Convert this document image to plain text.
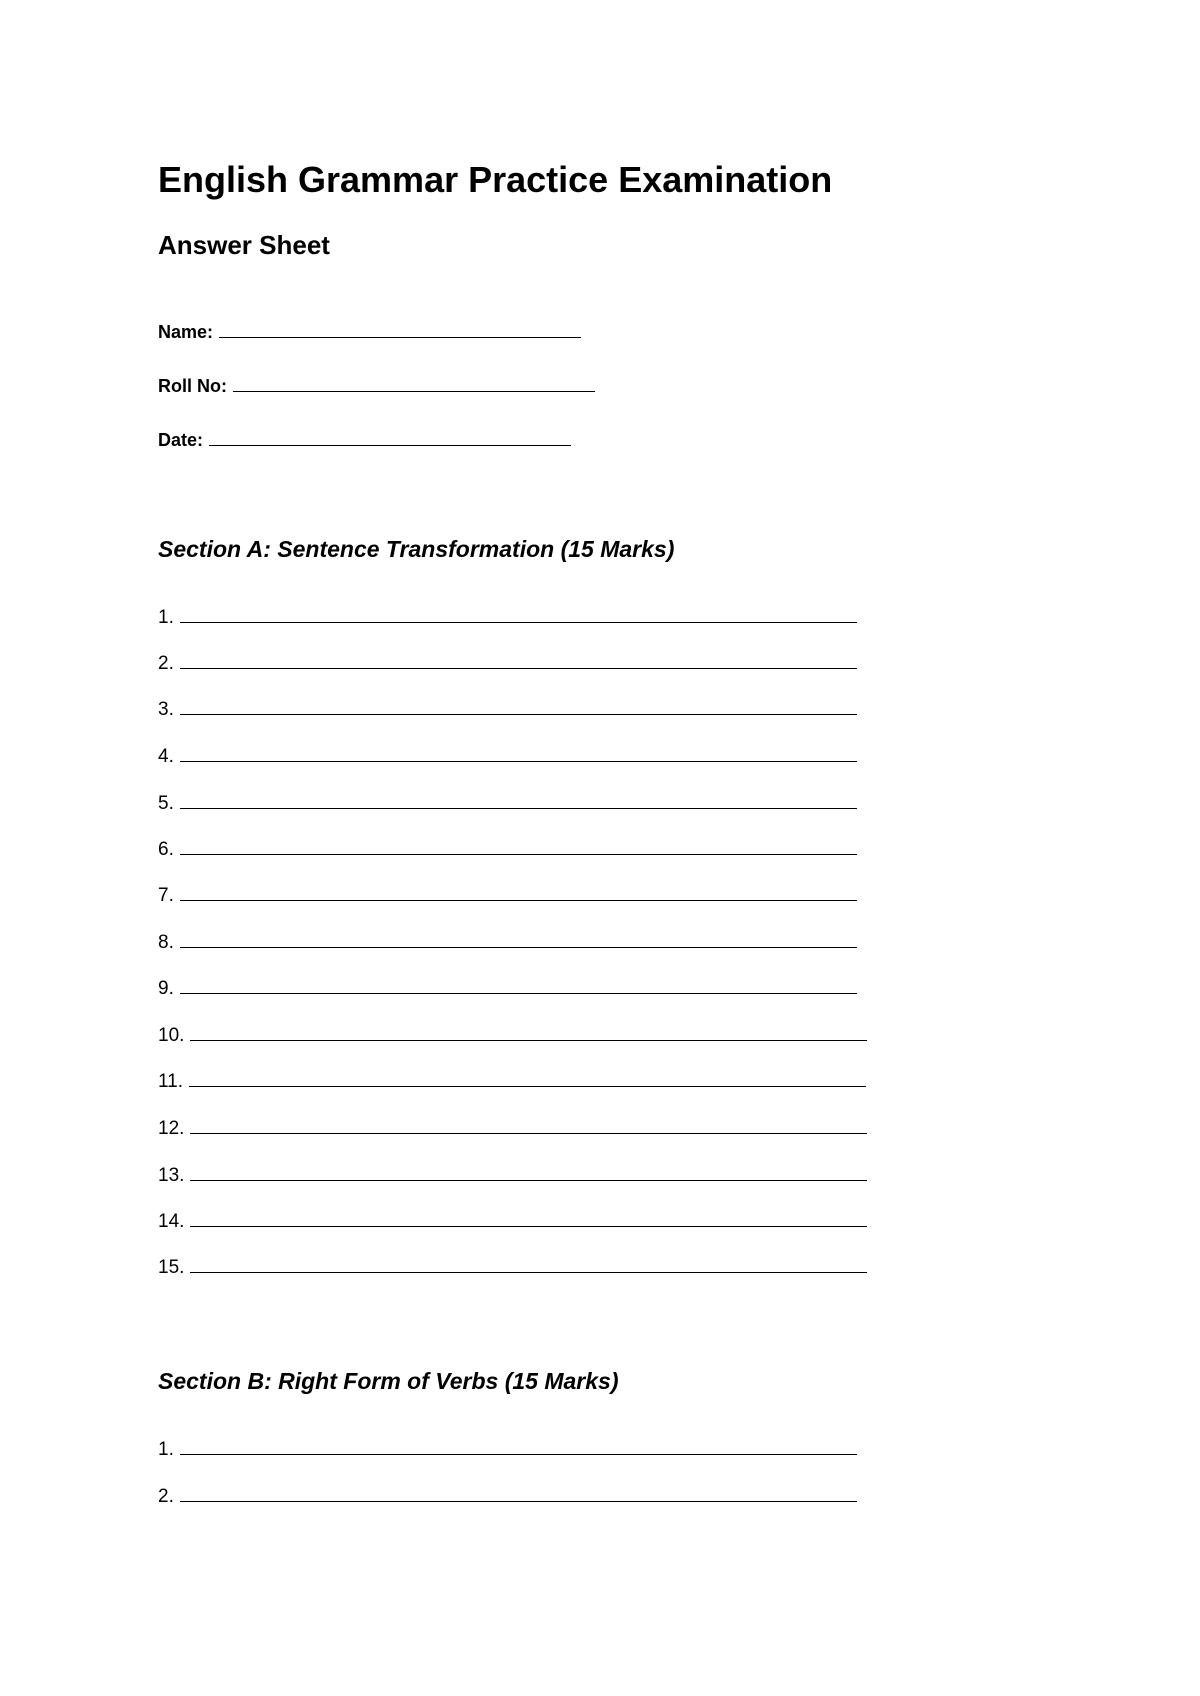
English Grammar Practice Examination
Answer Sheet
Name:
Roll No:
Date:
Section A: Sentence Transformation (15 Marks)
1.
2.
3.
4.
5.
6.
7.
8.
9.
10.
11.
12.
13.
14.
15.
Section B: Right Form of Verbs (15 Marks)
1.
2.
